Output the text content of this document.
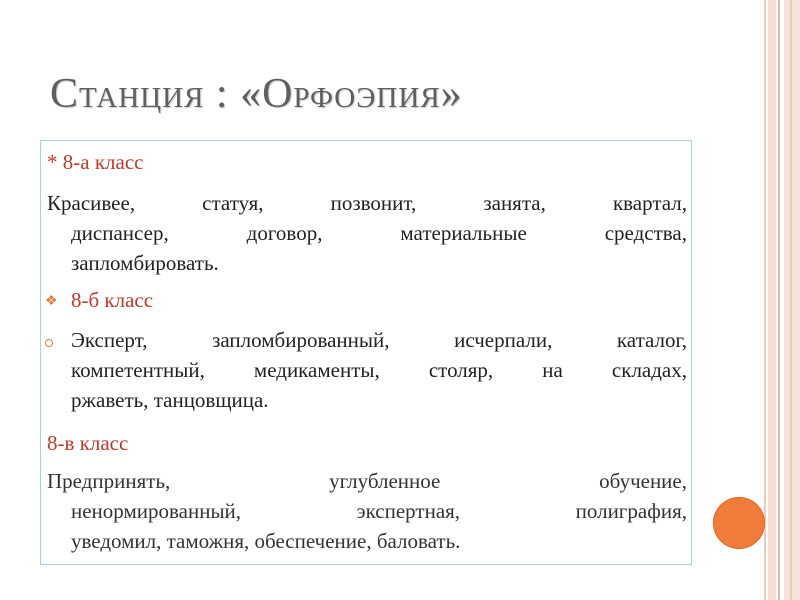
Станция : «Орфоэпия»
* 8-а класс
Красивее, статуя, позвонит, занята, квартал,
диспансер, договор, материальные средства,
запломбировать.
❖ 8-б класс
Эксперт, запломбированный, исчерпали, каталог,
компетентный, медикаменты, столяр, на складах,
ржаветь, танцовщица.
8-в класс
Предпринять, углубленное обучение,
ненормированный, экспертная, полиграфия,
уведомил, таможня, обеспечение, баловать.
